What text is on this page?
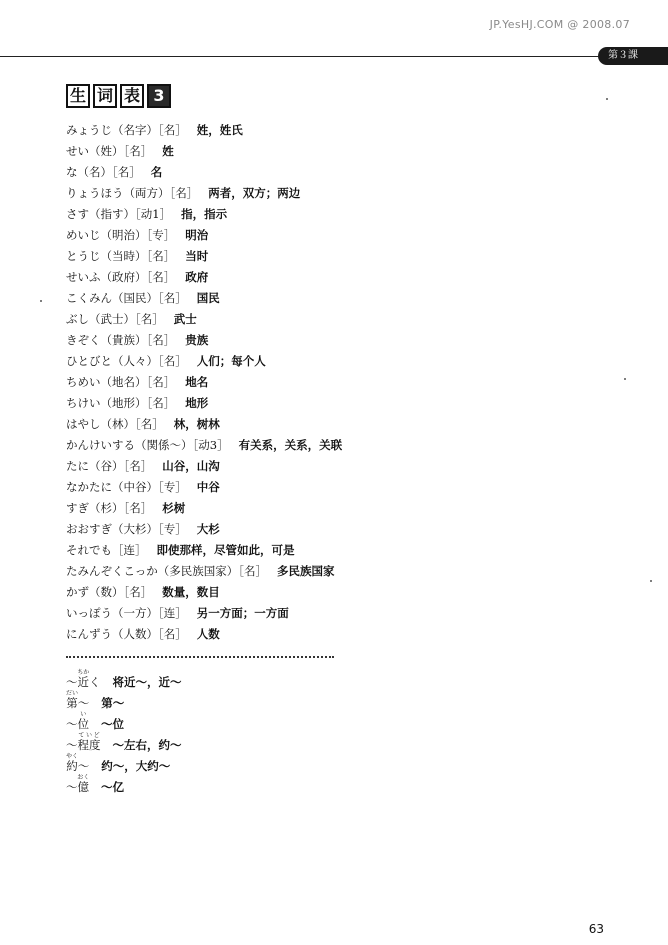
JP.YesHJ.COM @ 2008.07
第３課
生 词 表 3
みょうじ（名字）［名］ 姓，姓氏
せい（姓）［名］ 姓
な（名）［名］ 名
りょうほう（両方）［名］ 两者，双方；两边
さす（指す）［动1］ 指，指示
めいじ（明治）［专］ 明治
とうじ（当時）［名］ 当时
せいふ（政府）［名］ 政府
こくみん（国民）［名］ 国民
ぶし（武士）［名］ 武士
きぞく（貴族）［名］ 贵族
ひとびと（人々）［名］ 人们；每个人
ちめい（地名）［名］ 地名
ちけい（地形）［名］ 地形
はやし（林）［名］ 林，树林
かんけいする（関係～）［动3］ 有关系，关系，关联
たに（谷）［名］ 山谷，山沟
なかたに（中谷）［专］ 中谷
すぎ（杉）［名］ 杉树
おおすぎ（大杉）［专］ 大杉
それでも［连］ 即使那样，尽管如此，可是
たみんぞくこっか（多民族国家）［名］ 多民族国家
かず（数）［名］ 数量，数目
いっぽう（一方）［连］ 另一方面；一方面
にんずう（人数）［名］ 人数
～近ちかく 将近～，近～
第だい～ 第～
～位い～位
～程度ていど～左右，约～
約やく～ 约～，大约～
～億おく～亿
63
